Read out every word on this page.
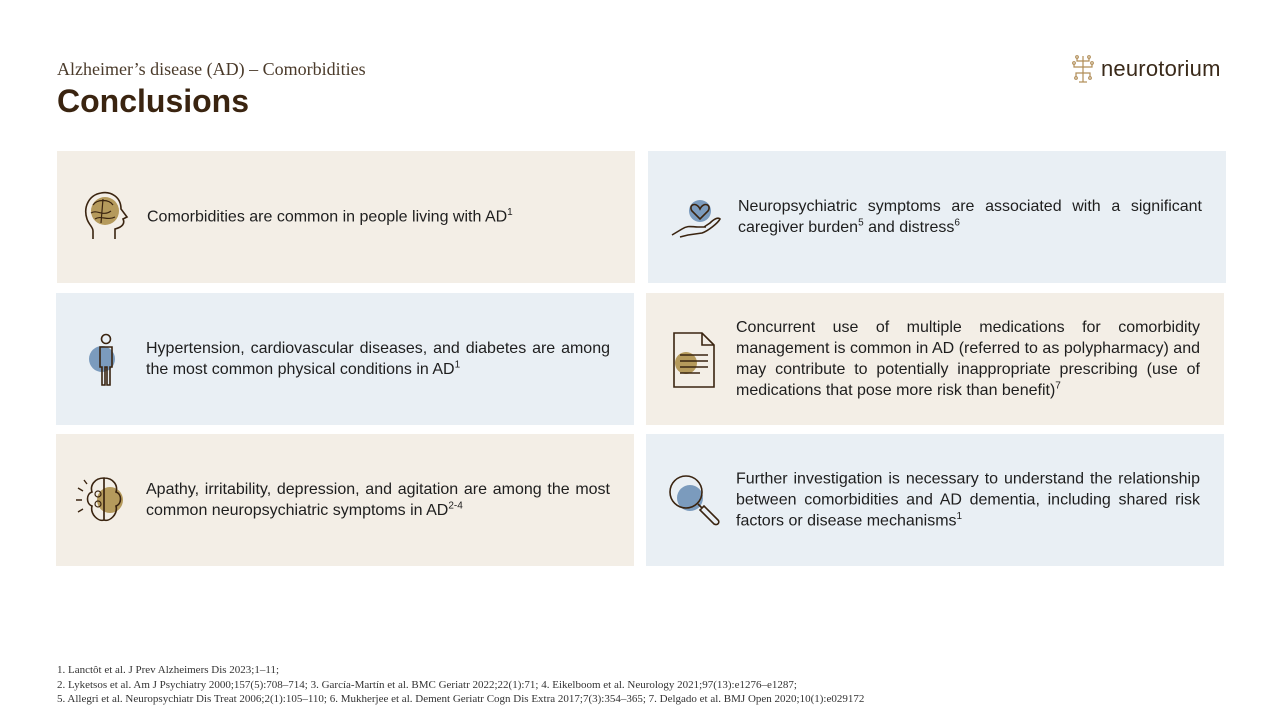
Alzheimer’s disease (AD) – Comorbidities
Conclusions
neurotorium
Comorbidities are common in people living with $AD^1$	Neuropsychiatric symptoms are associated with a significant caregiver burden$^5$ and distress$^6$
Hypertension, cardiovascular diseases, and diabetes are among the most common physical conditions in $AD^1$
Concurrent use of multiple medications for comorbidity management is common in AD (referred to as polypharmacy) and may contribute to potentially inappropriate prescribing (use of medications that pose more risk than benefit)$^7$
Apathy, irritability, depression, and agitation are among the most common neuropsychiatric symptoms in AD$^{2-4}$
Further investigation is necessary to understand the relationship between comorbidities and AD dementia, including shared risk factors or disease mechanisms$^1$
1. Lanctôt et al. J Prev Alzheimers Dis 2023;1–11;
2. Lyketsos et al. Am J Psychiatry 2000;157(5):708–714; 3. García-Martín et al. BMC Geriatr 2022;22(1):71; 4. Eikelboom et al. Neurology 2021;97(13):e1276–e1287;
5. Allegri et al. Neuropsychiatr Dis Treat 2006;2(1):105–110; 6. Mukherjee et al. Dement Geriatr Cogn Dis Extra 2017;7(3):354–365; 7. Delgado et al. BMJ Open 2020;10(1):e029172
